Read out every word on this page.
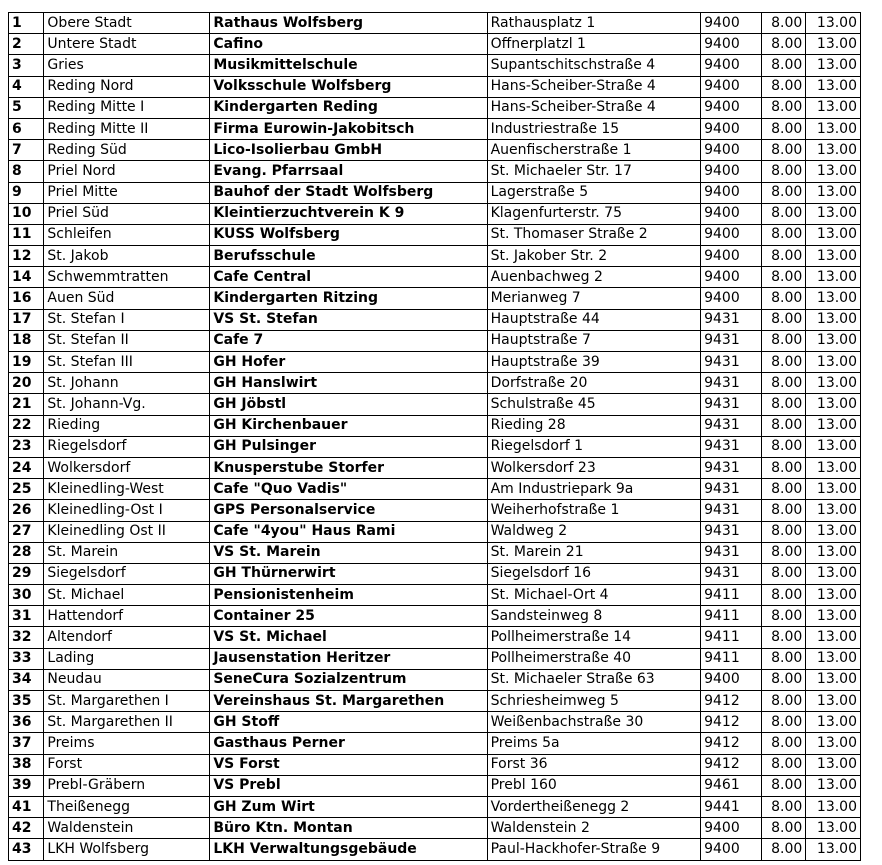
1	Obere Stadt	Rathaus Wolfsberg	Rathausplatz 1	9400	8.00	13.00
2	Untere Stadt	Cafino	Offnerplatzl 1	9400	8.00	13.00
3	Gries	Musikmittelschule	Supantschitschstraße 4	9400	8.00	13.00
4	Reding Nord	Volksschule Wolfsberg	Hans-Scheiber-Straße 4	9400	8.00	13.00
5	Reding Mitte I	Kindergarten Reding	Hans-Scheiber-Straße 4	9400	8.00	13.00
6	Reding Mitte II	Firma Eurowin-Jakobitsch	Industriestraße 15	9400	8.00	13.00
7	Reding Süd	Lico-Isolierbau GmbH	Auenfischerstraße 1	9400	8.00	13.00
8	Priel Nord	Evang. Pfarrsaal	St. Michaeler Str. 17	9400	8.00	13.00
9	Priel Mitte	Bauhof der Stadt Wolfsberg	Lagerstraße 5	9400	8.00	13.00
10	Priel Süd	Kleintierzuchtverein K 9	Klagenfurterstr. 75	9400	8.00	13.00
11	Schleifen	KUSS Wolfsberg	St. Thomaser Straße 2	9400	8.00	13.00
12	St. Jakob	Berufsschule	St. Jakober Str. 2	9400	8.00	13.00
14	Schwemmtratten	Cafe Central	Auenbachweg 2	9400	8.00	13.00
16	Auen Süd	Kindergarten Ritzing	Merianweg 7	9400	8.00	13.00
17	St. Stefan I	VS St. Stefan	Hauptstraße 44	9431	8.00	13.00
18	St. Stefan II	Cafe 7	Hauptstraße 7	9431	8.00	13.00
19	St. Stefan III	GH Hofer	Hauptstraße 39	9431	8.00	13.00
20	St. Johann	GH Hanslwirt	Dorfstraße 20	9431	8.00	13.00
21	St. Johann-Vg.	GH Jöbstl	Schulstraße 45	9431	8.00	13.00
22	Rieding	GH Kirchenbauer	Rieding 28	9431	8.00	13.00
23	Riegelsdorf	GH Pulsinger	Riegelsdorf 1	9431	8.00	13.00
24	Wolkersdorf	Knusperstube Storfer	Wolkersdorf 23	9431	8.00	13.00
25	Kleinedling-West	Cafe "Quo Vadis"	Am Industriepark 9a	9431	8.00	13.00
26	Kleinedling-Ost I	GPS Personalservice	Weiherhofstraße 1	9431	8.00	13.00
27	Kleinedling Ost II	Cafe "4you" Haus Rami	Waldweg 2	9431	8.00	13.00
28	St. Marein	VS St. Marein	St. Marein 21	9431	8.00	13.00
29	Siegelsdorf	GH Thürnerwirt	Siegelsdorf 16	9431	8.00	13.00
30	St. Michael	Pensionistenheim	St. Michael-Ort 4	9411	8.00	13.00
31	Hattendorf	Container 25	Sandsteinweg 8	9411	8.00	13.00
32	Altendorf	VS St. Michael	Pollheimerstraße 14	9411	8.00	13.00
33	Lading	Jausenstation Heritzer	Pollheimerstraße 40	9411	8.00	13.00
34	Neudau	SeneCura Sozialzentrum	St. Michaeler Straße 63	9400	8.00	13.00
35	St. Margarethen I	Vereinshaus St. Margarethen	Schriesheimweg 5	9412	8.00	13.00
36	St. Margarethen II	GH Stoff	Weißenbachstraße 30	9412	8.00	13.00
37	Preims	Gasthaus Perner	Preims 5a	9412	8.00	13.00
38	Forst	VS Forst	Forst 36	9412	8.00	13.00
39	Prebl-Gräbern	VS Prebl	Prebl 160	9461	8.00	13.00
41	Theißenegg	GH Zum Wirt	Vordertheißenegg 2	9441	8.00	13.00
42	Waldenstein	Büro Ktn. Montan	Waldenstein 2	9400	8.00	13.00
43	LKH Wolfsberg	LKH Verwaltungsgebäude	Paul-Hackhofer-Straße 9	9400	8.00	13.00
